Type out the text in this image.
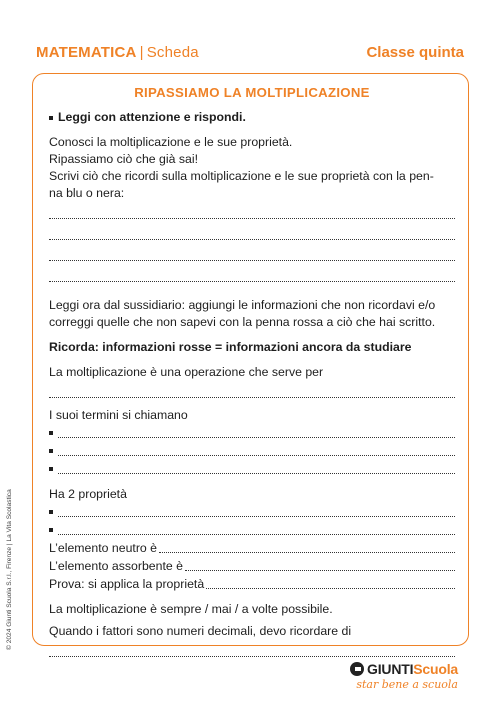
MATEMATICA | Scheda	Classe quinta
RIPASSIAMO LA MOLTIPLICAZIONE
Leggi con attenzione e rispondi.

Conosci la moltiplicazione e le sue proprietà.

Ripassiamo ciò che già sai!

Scrivi ciò che ricordi sulla moltiplicazione e le sue proprietà con la pen-

na blu o nera:

Leggi ora dal sussidiario: aggiungi le informazioni che non ricordavi e/o

correggi quelle che non sapevi con la penna rossa a ciò che hai scritto.

Ricorda: informazioni rosse = informazioni ancora da studiare

La moltiplicazione è una operazione che serve per

I suoi termini si chiamano

Ha 2 proprietà

L’elemento neutro è
L’elemento assorbente è
Prova: si applica la proprietà

La moltiplicazione è sempre / mai / a volte possibile.

Quando i fattori sono numeri decimali, devo ricordare di

© 2024 Giunti Scuola S.r.l., Firenze | La Vita Scolastica
GIUNTIScuola
star bene a scuola
